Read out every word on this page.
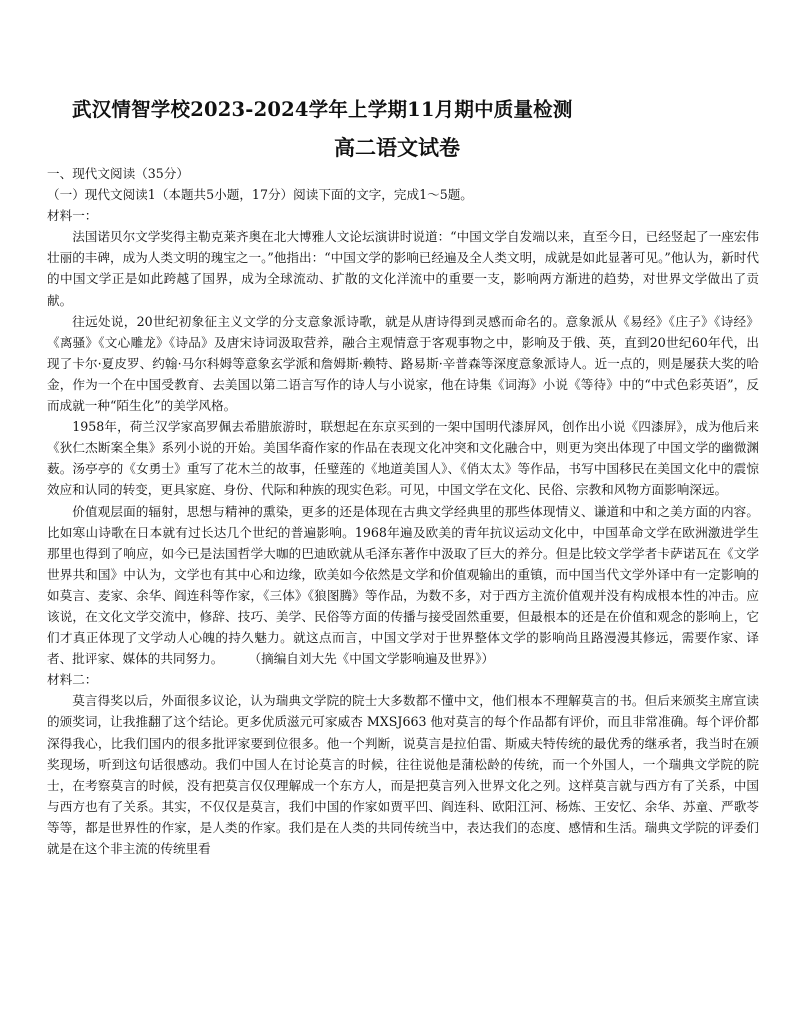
武汉情智学校2023-2024学年上学期11月期中质量检测
高二语文试卷

一、现代文阅读（35分）

（一）现代文阅读1（本题共5小题，17分）阅读下面的文字，完成1～5题。

材料一：

法国诺贝尔文学奖得主勒克莱齐奥在北大博雅人文论坛演讲时说道：“中国文学自发端以来，直至今日，已经竖起了一座宏伟壮丽的丰碑，成为人类文明的瑰宝之一。”他指出：“中国文学的影响已经遍及全人类文明，成就是如此显著可见。”他认为，新时代的中国文学正是如此跨越了国界，成为全球流动、扩散的文化洋流中的重要一支，影响两方渐进的趋势，对世界文学做出了贡献。

往远处说，20世纪初象征主义文学的分支意象派诗歌，就是从唐诗得到灵感而命名的。意象派从《易经》《庄子》《诗经》《离骚》《文心雕龙》《诗品》及唐宋诗词汲取营养，融合主观情意于客观事物之中，影响及于俄、英，直到20世纪60年代，出现了卡尔·夏皮罗、约翰·马尔科姆等意象玄学派和詹姆斯·赖特、路易斯·辛普森等深度意象派诗人。近一点的，则是屡获大奖的哈金，作为一个在中国受教育、去美国以第二语言写作的诗人与小说家，他在诗集《词海》小说《等待》中的“中式色彩英语”，反而成就一种“陌生化”的美学风格。

1958年，荷兰汉学家高罗佩去希腊旅游时，联想起在东京买到的一架中国明代漆屏风，创作出小说《四漆屏》，成为他后来《狄仁杰断案全集》系列小说的开始。美国华裔作家的作品在表现文化冲突和文化融合中，则更为突出体现了中国文学的幽微渊薮。汤亭亭的《女勇士》重写了花木兰的故事，任璧莲的《地道美国人》、《俏太太》等作品，书写中国移民在美国文化中的震惊效应和认同的转变，更具家庭、身份、代际和种族的现实色彩。可见，中国文学在文化、民俗、宗教和风物方面影响深远。

价值观层面的辐射，思想与精神的熏染，更多的还是体现在古典文学经典里的那些体现情义、谦道和中和之美方面的内容。比如寒山诗歌在日本就有过长达几个世纪的普遍影响。1968年遍及欧美的青年抗议运动文化中，中国革命文学在欧洲激进学生那里也得到了响应，如今已是法国哲学大咖的巴迪欧就从毛泽东著作中汲取了巨大的养分。但是比较文学学者卡萨诺瓦在《文学世界共和国》中认为，文学也有其中心和边缘，欧美如今依然是文学和价值观输出的重镇，而中国当代文学外译中有一定影响的如莫言、麦家、余华、阎连科等作家，《三体》《狼图腾》等作品，为数不多，对于西方主流价值观并没有构成根本性的冲击。应该说，在文化文学交流中，修辞、技巧、美学、民俗等方面的传播与接受固然重要，但最根本的还是在价值和观念的影响上，它们才真正体现了文学动人心魄的持久魅力。就这点而言，中国文学对于世界整体文学的影响尚且路漫漫其修远，需要作家、译者、批评家、媒体的共同努力。   （摘编自刘大先《中国文学影响遍及世界》）

材料二：

莫言得奖以后，外面很多议论，认为瑞典文学院的院士大多数都不懂中文，他们根本不理解莫言的书。但后来颁奖主席宣读的颁奖词，让我推翻了这个结论。更多优质滋元可家威杏 MXSJ663 他对莫言的每个作品都有评价，而且非常准确。每个评价都深得我心，比我们国内的很多批评家要到位很多。他一个判断，说莫言是拉伯雷、斯威夫特传统的最优秀的继承者，我当时在颁奖现场，听到这句话很感动。我们中国人在讨论莫言的时候，往往说他是蒲松龄的传统，而一个外国人，一个瑞典文学院的院士，在考察莫言的时候，没有把莫言仅仅理解成一个东方人，而是把莫言列入世界文化之列。这样莫言就与西方有了关系，中国与西方也有了关系。其实，不仅仅是莫言，我们中国的作家如贾平凹、阎连科、欧阳江河、杨炼、王安忆、余华、苏童、严歌苓等等，都是世界性的作家，是人类的作家。我们是在人类的共同传统当中，表达我们的态度、感情和生活。瑞典文学院的评委们就是在这个非主流的传统里看
